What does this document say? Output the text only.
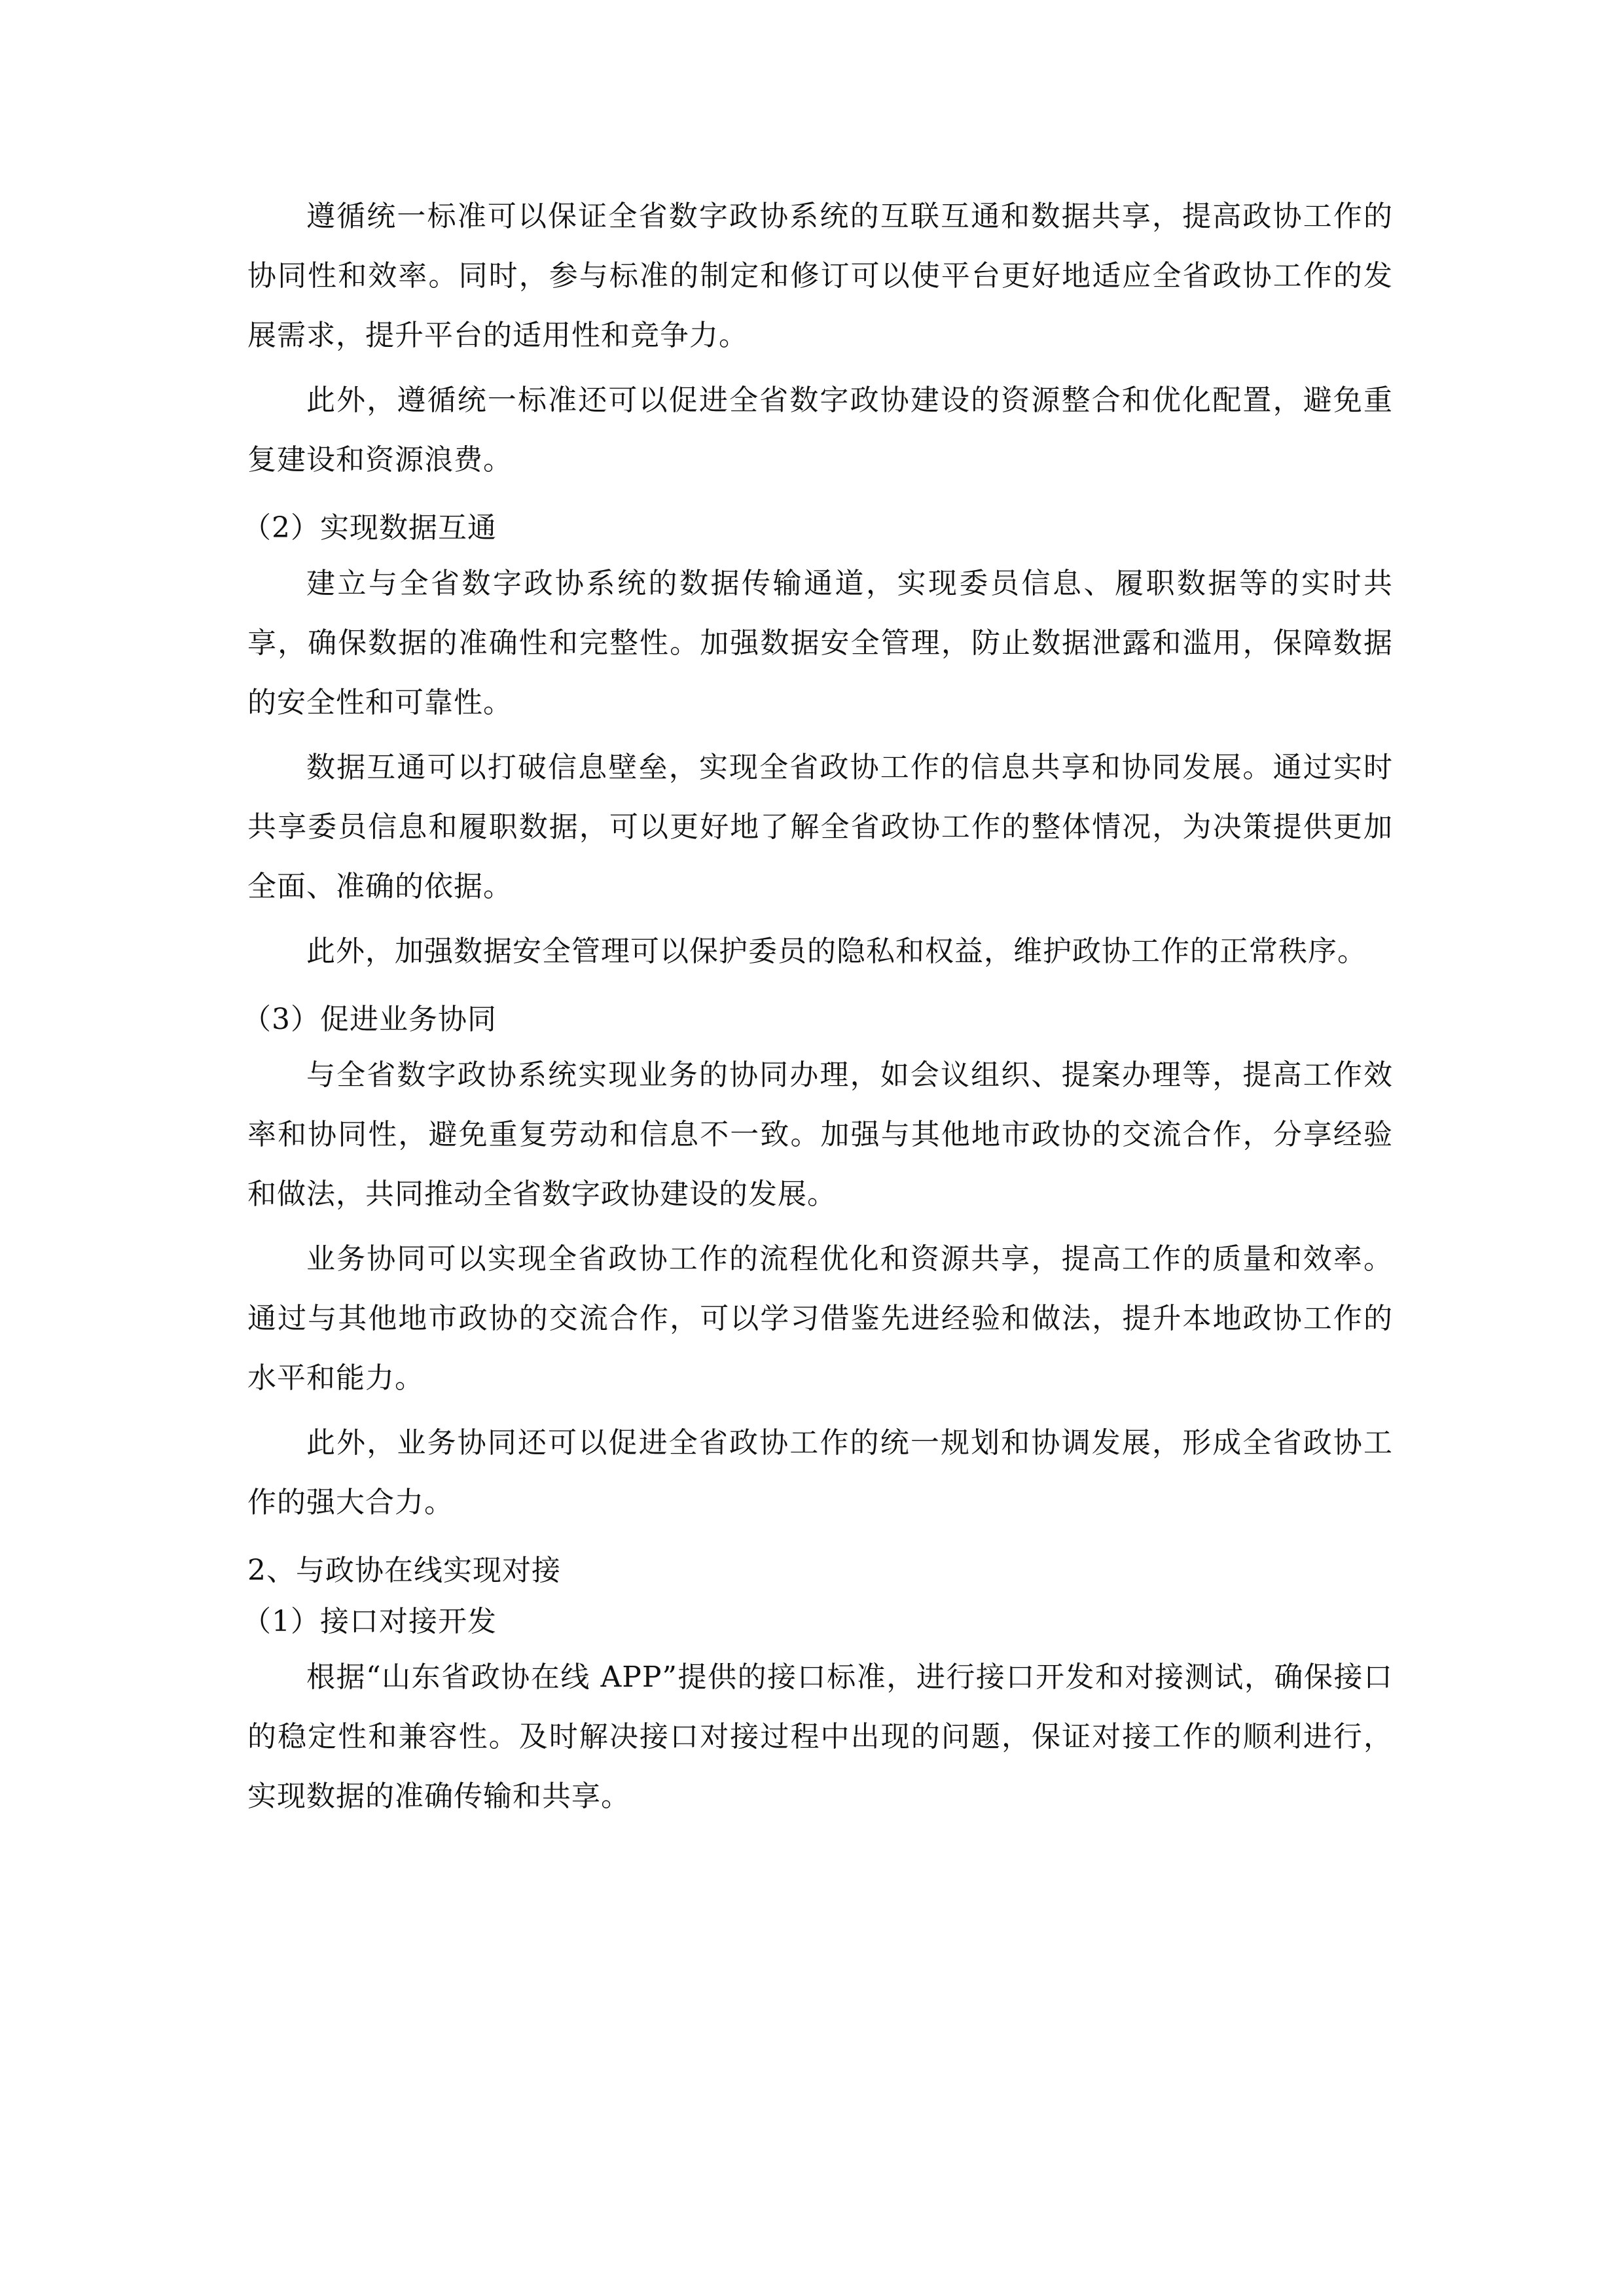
遵循统一标准可以保证全省数字政协系统的互联互通和数据共享，提高政协工作的协同性和效率。同时，参与标准的制定和修订可以使平台更好地适应全省政协工作的发展需求，提升平台的适用性和竞争力。

此外，遵循统一标准还可以促进全省数字政协建设的资源整合和优化配置，避免重复建设和资源浪费。

（2）实现数据互通

建立与全省数字政协系统的数据传输通道，实现委员信息、履职数据等的实时共享，确保数据的准确性和完整性。加强数据安全管理，防止数据泄露和滥用，保障数据的安全性和可靠性。

数据互通可以打破信息壁垒，实现全省政协工作的信息共享和协同发展。通过实时共享委员信息和履职数据，可以更好地了解全省政协工作的整体情况，为决策提供更加全面、准确的依据。

此外，加强数据安全管理可以保护委员的隐私和权益，维护政协工作的正常秩序。

（3）促进业务协同

与全省数字政协系统实现业务的协同办理，如会议组织、提案办理等，提高工作效率和协同性，避免重复劳动和信息不一致。加强与其他地市政协的交流合作，分享经验和做法，共同推动全省数字政协建设的发展。

业务协同可以实现全省政协工作的流程优化和资源共享，提高工作的质量和效率。通过与其他地市政协的交流合作，可以学习借鉴先进经验和做法，提升本地政协工作的水平和能力。

此外，业务协同还可以促进全省政协工作的统一规划和协调发展，形成全省政协工作的强大合力。

2、与政协在线实现对接
（1）接口对接开发

根据“山东省政协在线 APP”提供的接口标准，进行接口开发和对接测试，确保接口的稳定性和兼容性。及时解决接口对接过程中出现的问题，保证对接工作的顺利进行，实现数据的准确传输和共享。
